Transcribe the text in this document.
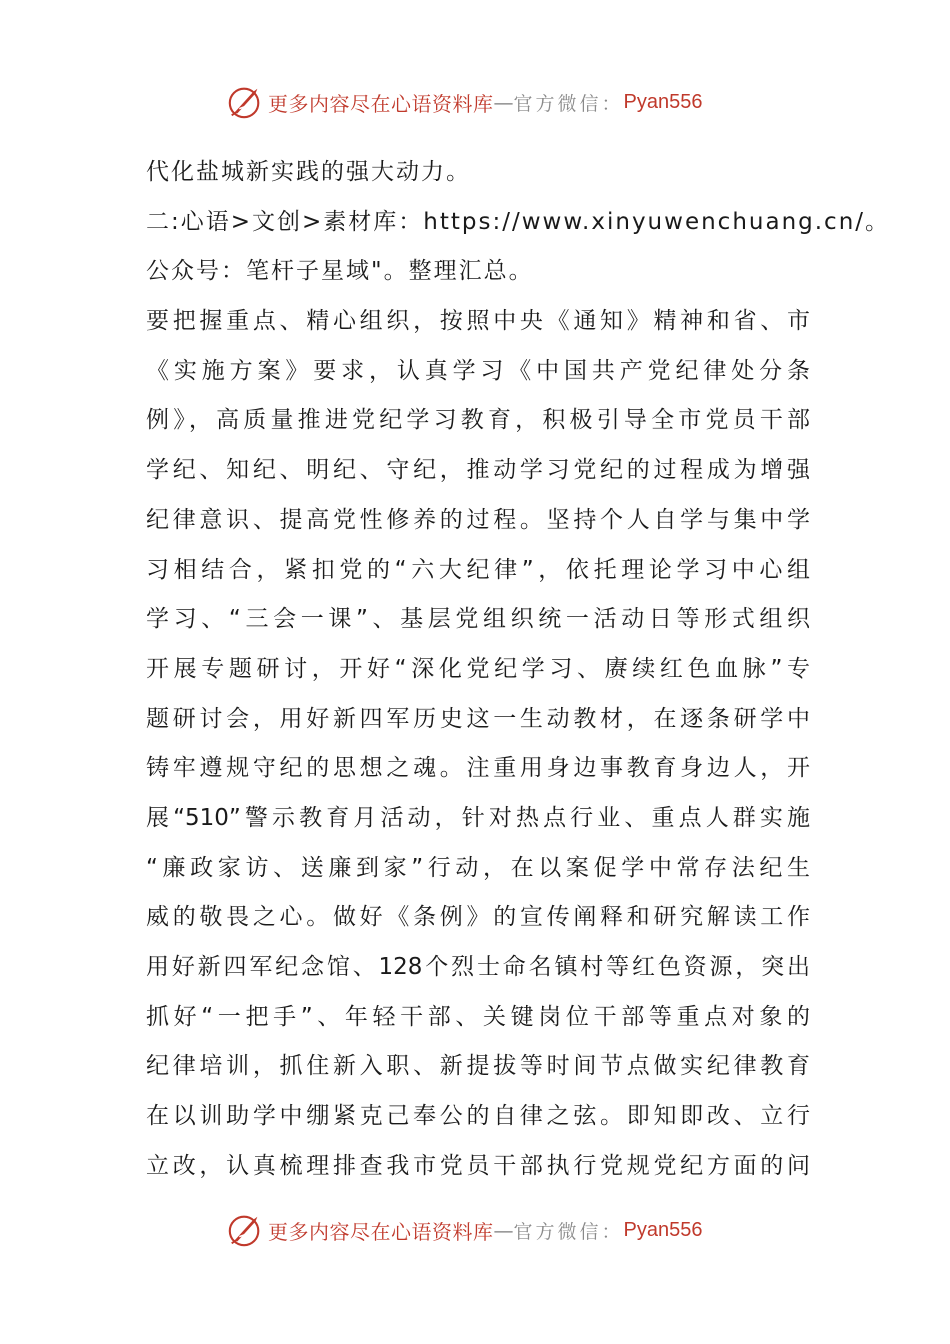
更多内容尽在心语资料库 — 官方微信： Pyan556
代化盐城新实践的强大动力。
二:心语>文创>素材库：https://www.xinyuwenchuang.cn/。
公众号：笔杆子星域"。整理汇总。
要把握重点、精心组织，按照中央《通知》精神和省、市
《实施方案》要求，认真学习《中国共产党纪律处分条
例》，高质量推进党纪学习教育，积极引导全市党员干部
学纪、知纪、明纪、守纪，推动学习党纪的过程成为增强
纪律意识、提高党性修养的过程。坚持个人自学与集中学
习相结合，紧扣党的“六大纪律”，依托理论学习中心组
学习、“三会一课”、基层党组织统一活动日等形式组织
开展专题研讨，开好“深化党纪学习、赓续红色血脉”专
题研讨会，用好新四军历史这一生动教材，在逐条研学中
铸牢遵规守纪的思想之魂。注重用身边事教育身边人，开
展“510”警示教育月活动，针对热点行业、重点人群实施
“廉政家访、送廉到家”行动，在以案促学中常存法纪生
威的敬畏之心。做好《条例》的宣传阐释和研究解读工作
用好新四军纪念馆、128个烈士命名镇村等红色资源，突出
抓好“一把手”、年轻干部、关键岗位干部等重点对象的
纪律培训，抓住新入职、新提拔等时间节点做实纪律教育
在以训助学中绷紧克己奉公的自律之弦。即知即改、立行
立改，认真梳理排查我市党员干部执行党规党纪方面的问
更多内容尽在心语资料库 — 官方微信： Pyan556
